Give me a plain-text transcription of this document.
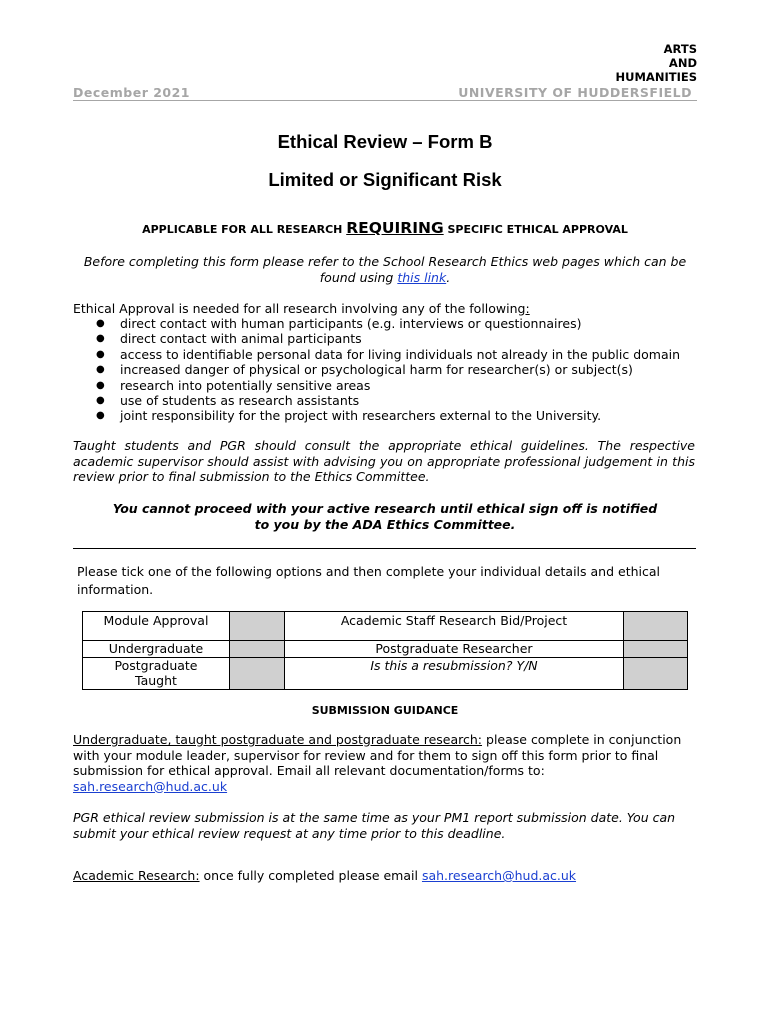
ARTS
AND
HUMANITIES
December 2021	UNIVERSITY OF HUDDERSFIELD
Ethical Review – Form B
Limited or Significant Risk
APPLICABLE FOR ALL RESEARCH REQUIRING SPECIFIC ETHICAL APPROVAL
Before completing this form please refer to the School Research Ethics web pages which can be found using this link.
Ethical Approval is needed for all research involving any of the following:
● direct contact with human participants (e.g. interviews or questionnaires)
● direct contact with animal participants
● access to identifiable personal data for living individuals not already in the public domain
● increased danger of physical or psychological harm for researcher(s) or subject(s)
● research into potentially sensitive areas
● use of students as research assistants
● joint responsibility for the project with researchers external to the University.
Taught students and PGR should consult the appropriate ethical guidelines. The respective academic supervisor should assist with advising you on appropriate professional judgement in this review prior to final submission to the Ethics Committee.
You cannot proceed with your active research until ethical sign off is notified
to you by the ADA Ethics Committee.
Please tick one of the following options and then complete your individual details and ethical information.
Module Approval		Academic Staff Research Bid/Project	
Undergraduate		Postgraduate Researcher	

Postgraduate
Taught		Is this a resubmission? Y/N	
SUBMISSION GUIDANCE
Undergraduate, taught postgraduate and postgraduate research: please complete in conjunction with your module leader, supervisor for review and for them to sign off this form prior to final submission for ethical approval. Email all relevant documentation/forms to:
sah.research@hud.ac.uk
PGR ethical review submission is at the same time as your PM1 report submission date. You can submit your ethical review request at any time prior to this deadline.
Academic Research: once fully completed please email sah.research@hud.ac.uk
